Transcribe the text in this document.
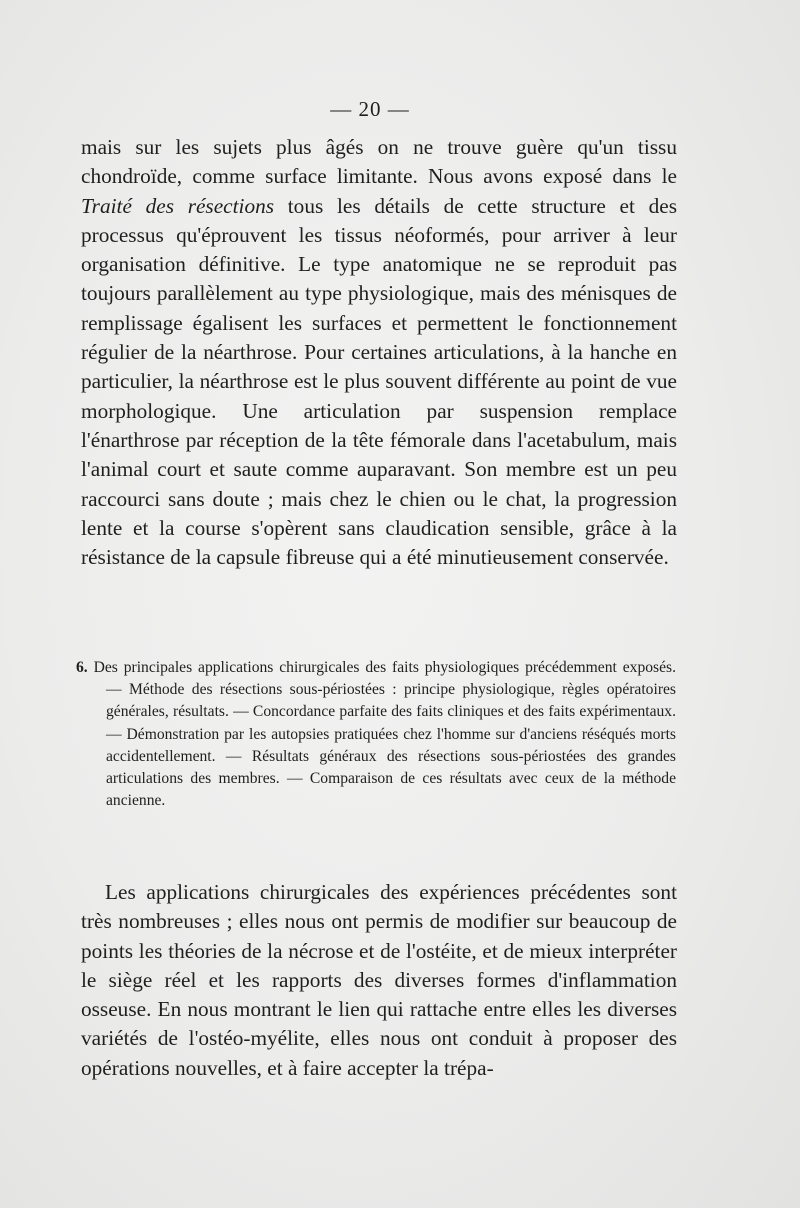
— 20 —

mais sur les sujets plus âgés on ne trouve guère qu'un tissu chondroïde, comme surface limitante. Nous avons exposé dans le Traité des résections tous les détails de cette structure et des processus qu'éprouvent les tissus néoformés, pour arriver à leur organisation définitive. Le type anatomique ne se reproduit pas toujours parallèlement au type physiologique, mais des ménisques de remplissage égalisent les surfaces et permettent le fonctionnement régulier de la néarthrose. Pour certaines articulations, à la hanche en particulier, la néarthrose est le plus souvent différente au point de vue morphologique. Une articulation par suspension remplace l'énarthrose par réception de la tête fémorale dans l'acetabulum, mais l'animal court et saute comme auparavant. Son membre est un peu raccourci sans doute ; mais chez le chien ou le chat, la progression lente et la course s'opèrent sans claudication sensible, grâce à la résistance de la capsule fibreuse qui a été minutieusement conservée.

6. Des principales applications chirurgicales des faits physiologiques précédemment exposés. — Méthode des résections sous-périostées : principe physiologique, règles opératoires générales, résultats. — Concordance parfaite des faits cliniques et des faits expérimentaux. — Démonstration par les autopsies pratiquées chez l'homme sur d'anciens réséqués morts accidentellement. — Résultats généraux des résections sous-périostées des grandes articulations des membres. — Comparaison de ces résultats avec ceux de la méthode ancienne.

Les applications chirurgicales des expériences précédentes sont très nombreuses ; elles nous ont permis de modifier sur beaucoup de points les théories de la nécrose et de l'ostéite, et de mieux interpréter le siège réel et les rapports des diverses formes d'inflammation osseuse. En nous montrant le lien qui rattache entre elles les diverses variétés de l'ostéo-myélite, elles nous ont conduit à proposer des opérations nouvelles, et à faire accepter la trépa-
